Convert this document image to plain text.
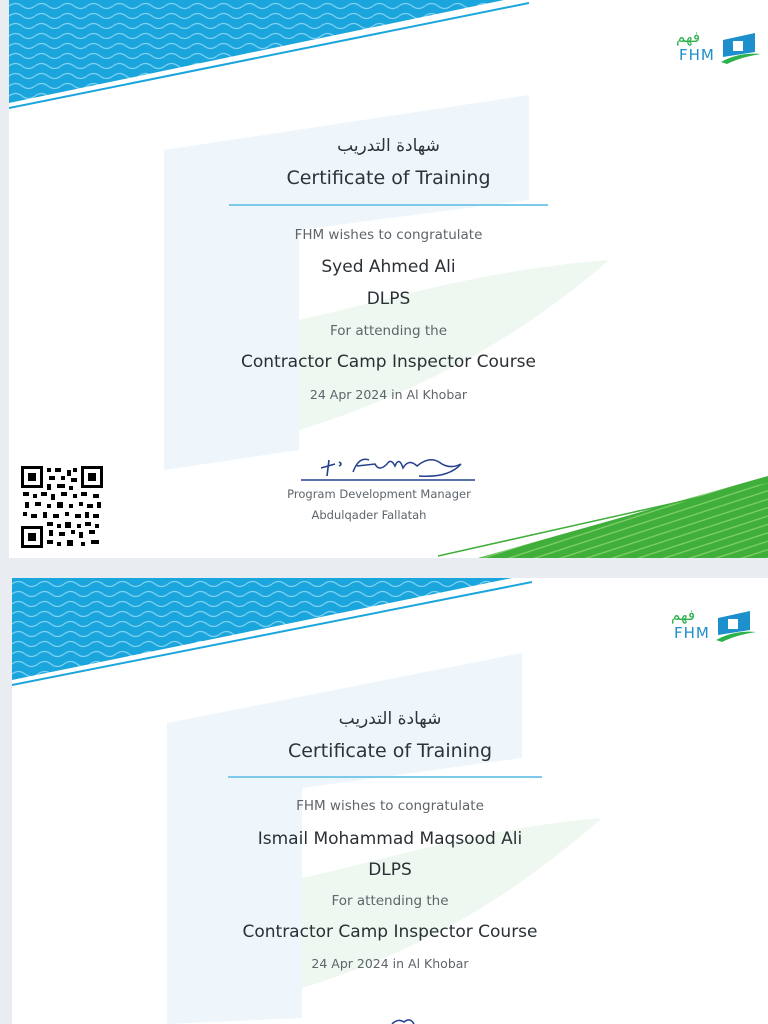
فهم
FHM
شهادة التدريب
Certificate of Training
FHM wishes to congratulate
Syed Ahmed Ali
DLPS
For attending the
Contractor Camp Inspector Course
24 Apr 2024 in Al Khobar
Program Development Manager
Abdulqader Fallatah
فهم
FHM
شهادة التدريب
Certificate of Training
FHM wishes to congratulate
Ismail Mohammad Maqsood Ali
DLPS
For attending the
Contractor Camp Inspector Course
24 Apr 2024 in Al Khobar
